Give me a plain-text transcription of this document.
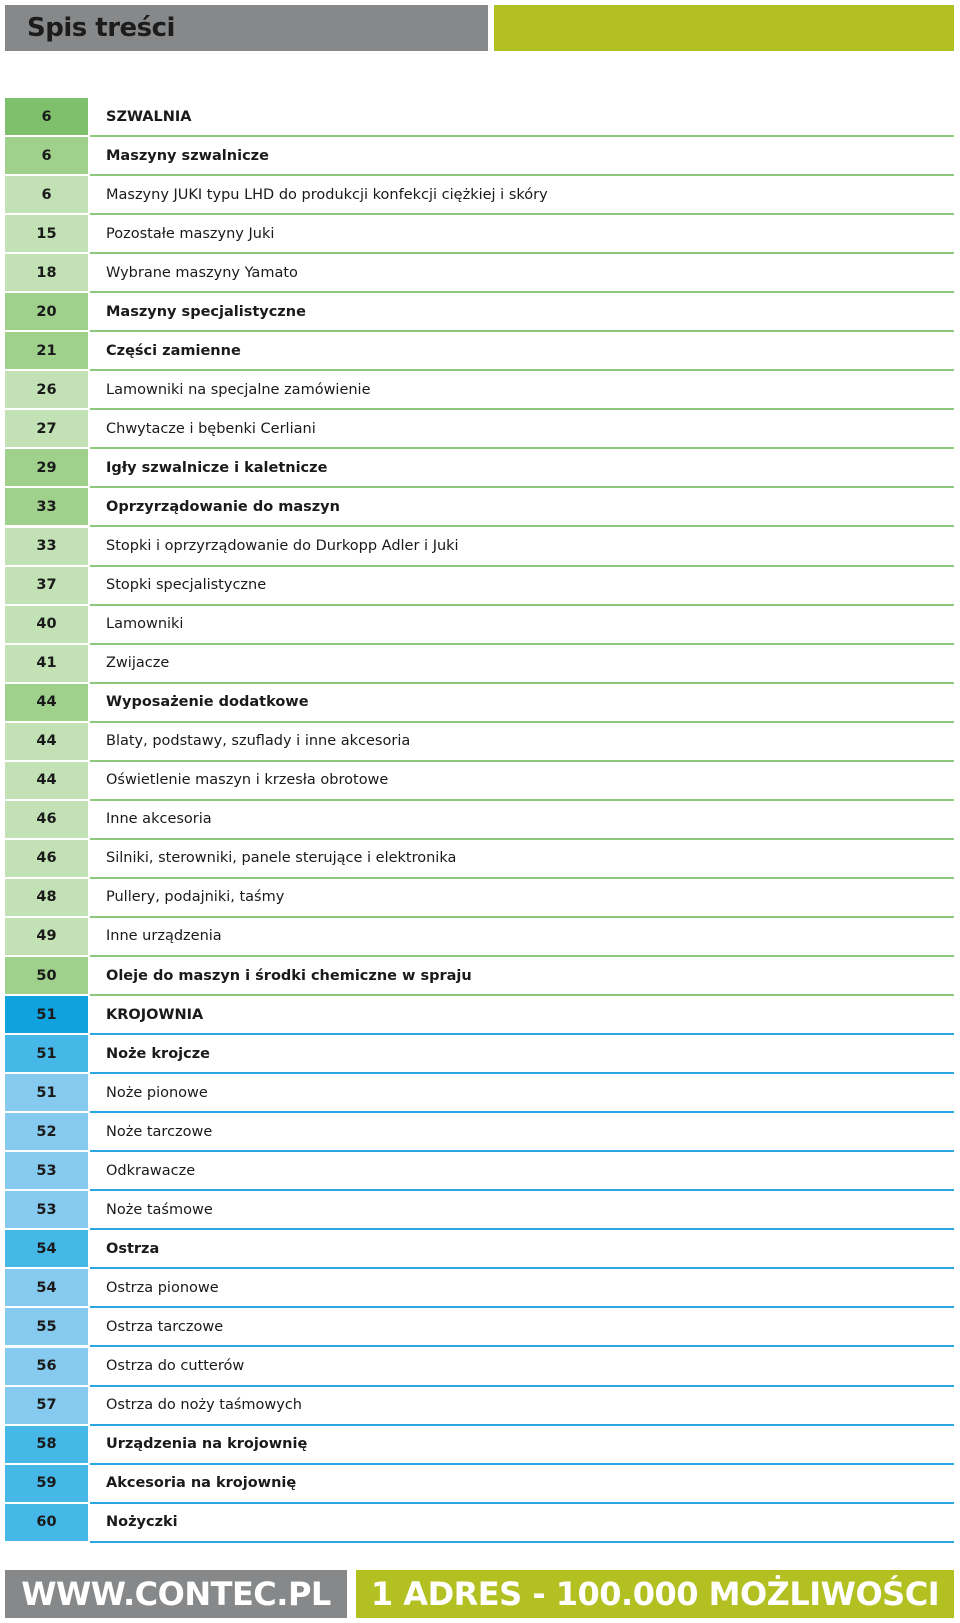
Spis treści
6	SZWALNIA
6	Maszyny szwalnicze
6	Maszyny JUKI typu LHD do produkcji konfekcji ciężkiej i skóry
15	Pozostałe maszyny Juki
18	Wybrane maszyny Yamato
20	Maszyny specjalistyczne
21	Części zamienne
26	Lamowniki na specjalne zamówienie
27	Chwytacze i bębenki Cerliani
29	Igły szwalnicze i kaletnicze
33	Oprzyrządowanie do maszyn
33	Stopki i oprzyrządowanie do Durkopp Adler i Juki
37	Stopki specjalistyczne
40	Lamowniki
41	Zwijacze
44	Wyposażenie dodatkowe
44	Blaty, podstawy, szuflady i inne akcesoria
44	Oświetlenie maszyn i krzesła obrotowe
46	Inne akcesoria
46	Silniki, sterowniki, panele sterujące i elektronika
48	Pullery, podajniki, taśmy
49	Inne urządzenia
50	Oleje do maszyn i środki chemiczne w spraju
51	KROJOWNIA
51	Noże krojcze
51	Noże pionowe
52	Noże tarczowe
53	Odkrawacze
53	Noże taśmowe
54	Ostrza
54	Ostrza pionowe
55	Ostrza tarczowe
56	Ostrza do cutterów
57	Ostrza do noży taśmowych
58	Urządzenia na krojownię
59	Akcesoria na krojownię
60	Nożyczki
WWW.CONTEC.PL 1 ADRES - 100.000 MOŻLIWOŚCI
